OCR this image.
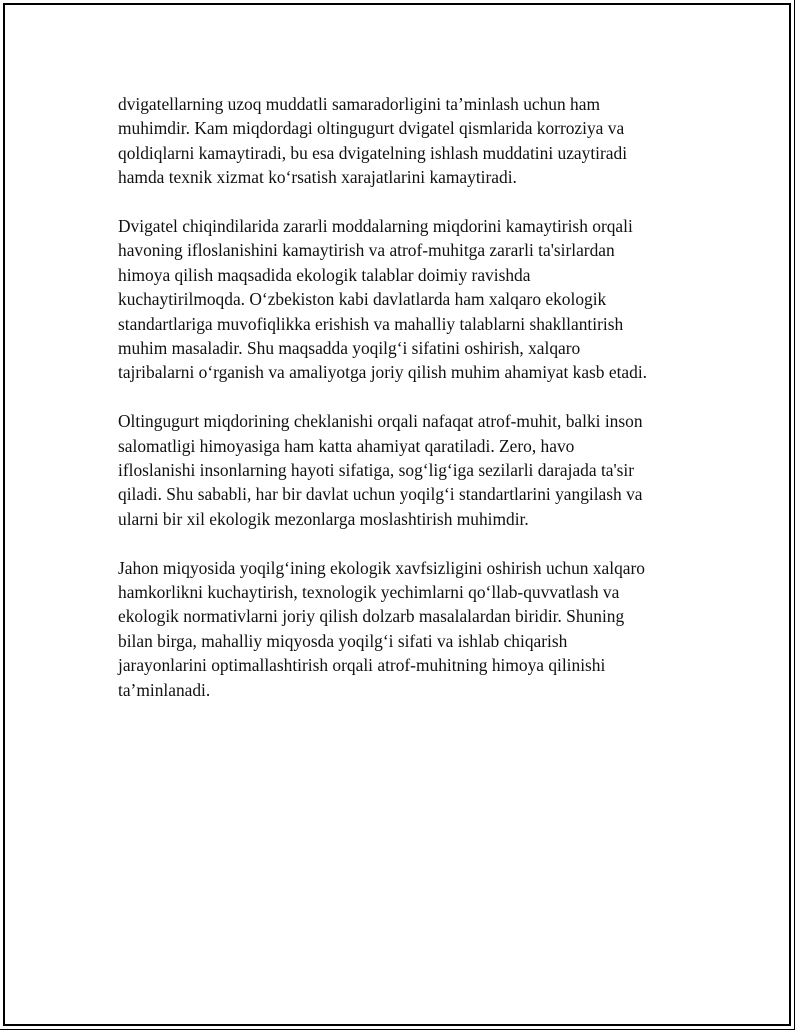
dvigatellarning uzoq muddatli samaradorligini ta’minlash uchun ham
muhimdir. Kam miqdordagi oltingugurt dvigatel qismlarida korroziya va
qoldiqlarni kamaytiradi, bu esa dvigatelning ishlash muddatini uzaytiradi
hamda texnik xizmat ko‘rsatish xarajatlarini kamaytiradi.

Dvigatel chiqindilarida zararli moddalarning miqdorini kamaytirish orqali
havoning ifloslanishini kamaytirish va atrof-muhitga zararli ta'sirlardan
himoya qilish maqsadida ekologik talablar doimiy ravishda
kuchaytirilmoqda. O‘zbekiston kabi davlatlarda ham xalqaro ekologik
standartlariga muvofiqlikka erishish va mahalliy talablarni shakllantirish
muhim masaladir. Shu maqsadda yoqilg‘i sifatini oshirish, xalqaro
tajribalarni o‘rganish va amaliyotga joriy qilish muhim ahamiyat kasb etadi.

Oltingugurt miqdorining cheklanishi orqali nafaqat atrof-muhit, balki inson
salomatligi himoyasiga ham katta ahamiyat qaratiladi. Zero, havo
ifloslanishi insonlarning hayoti sifatiga, sog‘lig‘iga sezilarli darajada ta'sir
qiladi. Shu sababli, har bir davlat uchun yoqilg‘i standartlarini yangilash va
ularni bir xil ekologik mezonlarga moslashtirish muhimdir.

Jahon miqyosida yoqilg‘ining ekologik xavfsizligini oshirish uchun xalqaro
hamkorlikni kuchaytirish, texnologik yechimlarni qo‘llab-quvvatlash va
ekologik normativlarni joriy qilish dolzarb masalalardan biridir. Shuning
bilan birga, mahalliy miqyosda yoqilg‘i sifati va ishlab chiqarish
jarayonlarini optimallashtirish orqali atrof-muhitning himoya qilinishi
ta’minlanadi.
